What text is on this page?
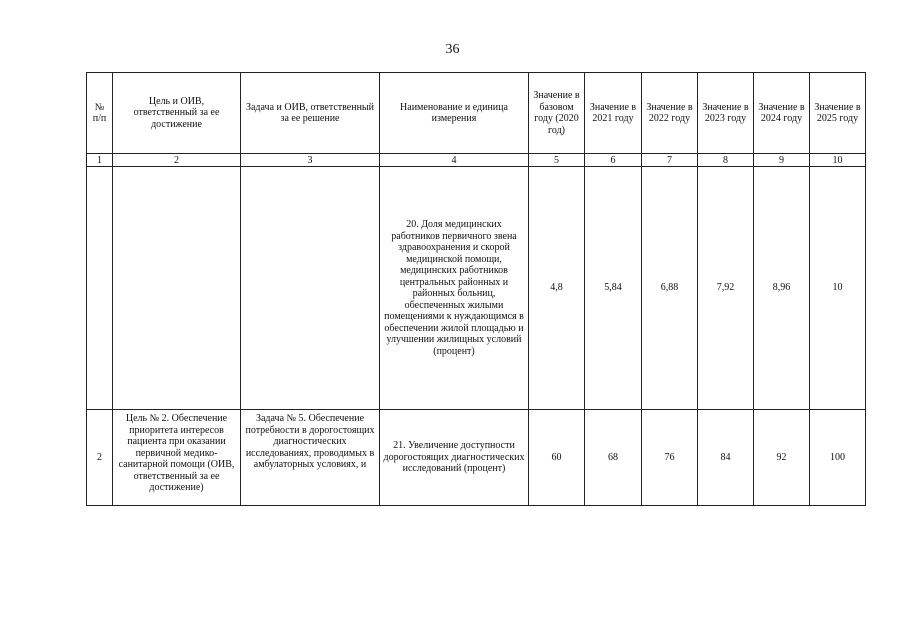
36
№ п/п	Цель и ОИВ, ответственный за ее достижение	Задача и ОИВ, ответственный за ее решение	Наименование и единица измерения	Значение в базовом году (2020 год)	Значение в 2021 году	Значение в 2022 году	Значение в 2023 году	Значение в 2024 году	Значение в 2025 году
1	2	3	4	5	6	7	8	9	10
			20. Доля медицинских работников первичного звена здравоохранения и скорой медицинской помощи, медицинских работников центральных районных и районных больниц, обеспеченных жилыми помещениями к нуждающимся в обеспечении жилой площадью и улучшении жилищных условий (процент)	4,8	5,84	6,88	7,92	8,96	10
2	Цель № 2. Обеспечение приоритета интересов пациента при оказании первичной медико-санитарной помощи (ОИВ, ответственный за ее достижение)	Задача № 5. Обеспечение потребности в дорогостоящих диагностических исследованиях, проводимых в амбулаторных условиях, и	21. Увеличение доступности дорогостоящих диагностических исследований (процент)	60	68	76	84	92	100
